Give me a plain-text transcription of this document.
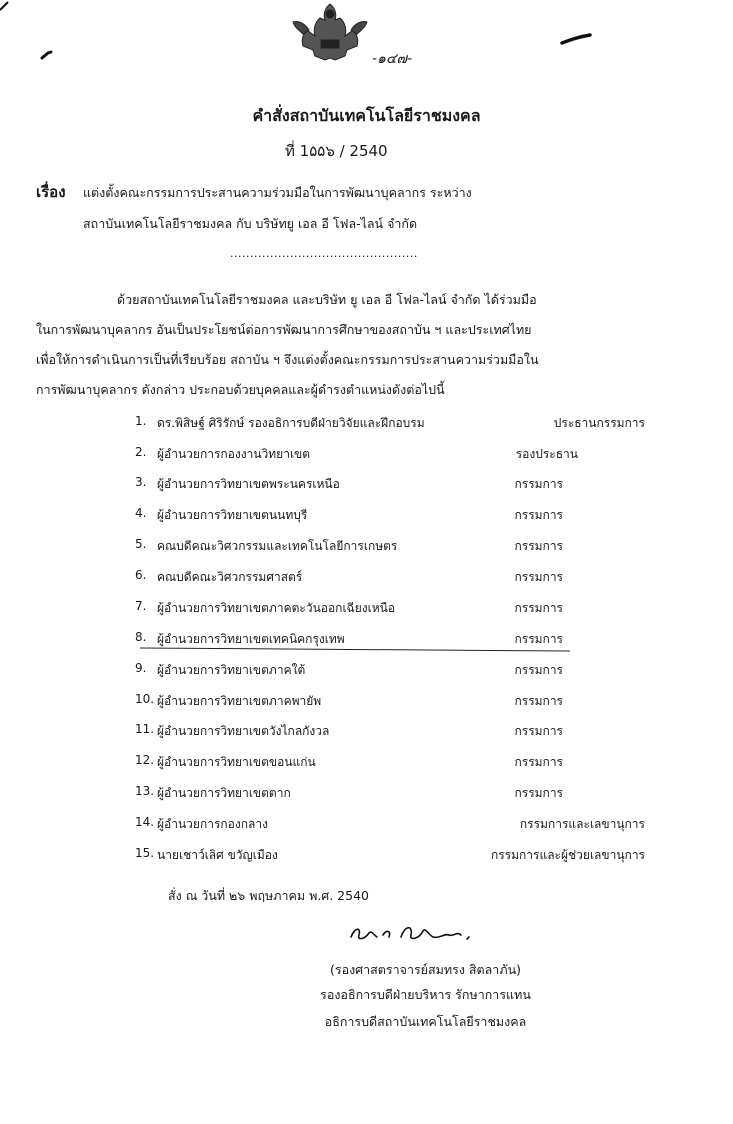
-๑๔๗-
คำสั่งสถาบันเทคโนโลยีราชมงคล
ที่ 1۵۵๖ / 2540
เรื่อง แต่งตั้งคณะกรรมการประสานความร่วมมือในการพัฒนาบุคลากร ระหว่าง
สถาบันเทคโนโลยีราชมงคล กับ บริษัทยู เอล อี โฟล-ไลน์ จำกัด
...............................................
ด้วยสถาบันเทคโนโลยีราชมงคล และบริษัท ยู เอล อี โฟล-ไลน์ จำกัด ได้ร่วมมือ
ในการพัฒนาบุคลากร อันเป็นประโยชน์ต่อการพัฒนาการศึกษาของสถาบัน ฯ และประเทศไทย
เพื่อให้การดำเนินการเป็นที่เรียบร้อย สถาบัน ฯ จึงแต่งตั้งคณะกรรมการประสานความร่วมมือใน
การพัฒนาบุคลากร ดังกล่าว ประกอบด้วยบุคคลและผู้ดำรงตำแหน่งดังต่อไปนี้
1. ดร.พิสิษฐ์ ศิริรักษ์ รองอธิการบดีฝ่ายวิจัยและฝึกอบรม	ประธานกรรมการ
2. ผู้อำนวยการกองงานวิทยาเขต	รองประธาน
3. ผู้อำนวยการวิทยาเขตพระนครเหนือ	กรรมการ
4. ผู้อำนวยการวิทยาเขตนนทบุรี	กรรมการ
5. คณบดีคณะวิศวกรรมและเทคโนโลยีการเกษตร	กรรมการ
6. คณบดีคณะวิศวกรรมศาสตร์	กรรมการ
7. ผู้อำนวยการวิทยาเขตภาคตะวันออกเฉียงเหนือ	กรรมการ
8. ผู้อำนวยการวิทยาเขตเทคนิคกรุงเทพ	กรรมการ
9. ผู้อำนวยการวิทยาเขตภาคใต้	กรรมการ
10. ผู้อำนวยการวิทยาเขตภาคพายัพ	กรรมการ
11. ผู้อำนวยการวิทยาเขตวังไกลกังวล	กรรมการ
12. ผู้อำนวยการวิทยาเขตขอนแก่น	กรรมการ
13. ผู้อำนวยการวิทยาเขตตาก	กรรมการ
14. ผู้อำนวยการกองกลาง	กรรมการและเลขานุการ
15. นายเชาว์เลิศ ขวัญเมือง	กรรมการและผู้ช่วยเลขานุการ
สั่ง ณ วันที่ ๒๖ พฤษภาคม พ.ศ. 2540
(รองศาสตราจารย์สมทรง สิตลาภัน)
รองอธิการบดีฝ่ายบริหาร รักษาการแทน
อธิการบดีสถาบันเทคโนโลยีราชมงคล
